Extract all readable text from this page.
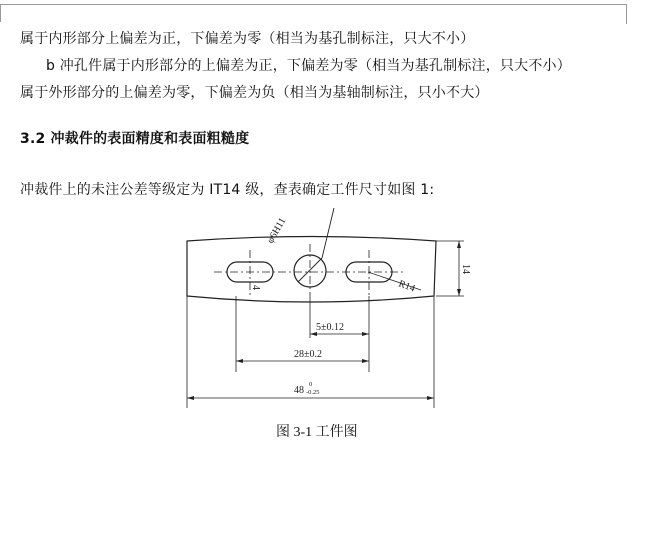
属于内形部分上偏差为正，下偏差为零（相当为基孔制标注，只大不小）
b 冲孔件属于内形部分的上偏差为正，下偏差为零（相当为基孔制标注，只大不小）
属于外形部分的上偏差为零，下偏差为负（相当为基轴制标注，只小不大）
3.2 冲裁件的表面精度和表面粗糙度
冲裁件上的未注公差等级定为 IT14 级，查表确定工件尺寸如图 1:
φ6H11
R14
4
14
5±0.12
28±0.2
48
0
-0.25
图 3-1 工件图
